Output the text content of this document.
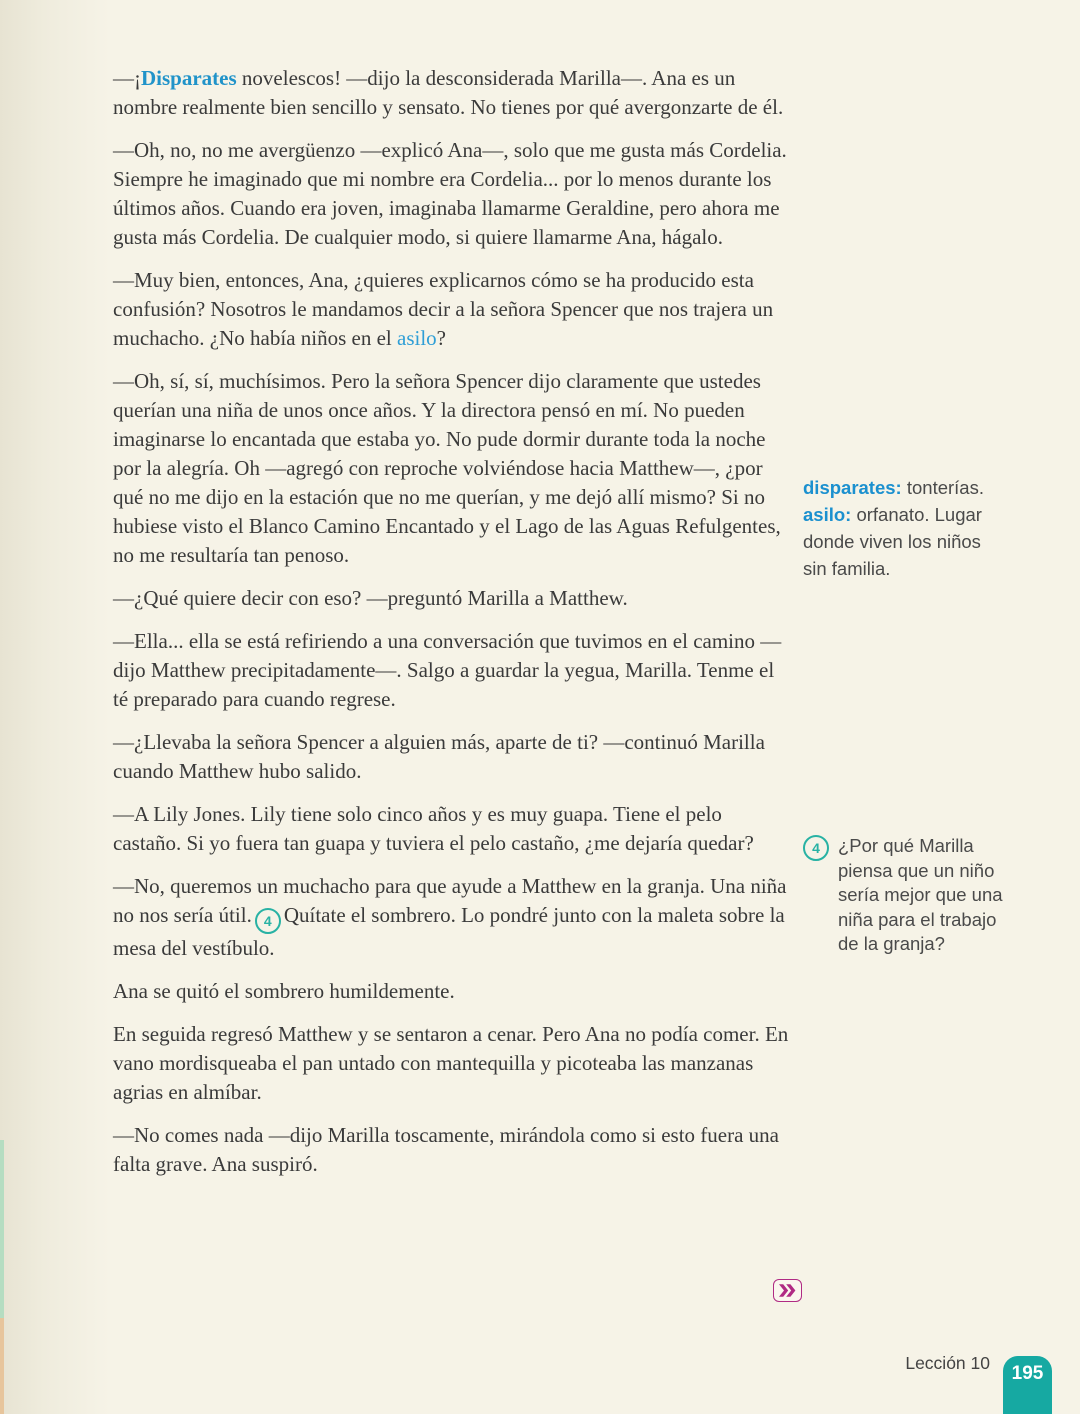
—¡Disparates novelescos! —dijo la desconsiderada Marilla—. Ana es un nombre realmente bien sencillo y sensato. No tienes por qué avergonzarte de él.

—Oh, no, no me avergüenzo —explicó Ana—, solo que me gusta más Cordelia. Siempre he imaginado que mi nombre era Cordelia... por lo menos durante los últimos años. Cuando era joven, imaginaba llamarme Geraldine, pero ahora me gusta más Cordelia. De cualquier modo, si quiere llamarme Ana, hágalo.

—Muy bien, entonces, Ana, ¿quieres explicarnos cómo se ha producido esta confusión? Nosotros le mandamos decir a la señora Spencer que nos trajera un muchacho. ¿No había niños en el asilo?

—Oh, sí, sí, muchísimos. Pero la señora Spencer dijo claramente que ustedes querían una niña de unos once años. Y la directora pensó en mí. No pueden imaginarse lo encantada que estaba yo. No pude dormir durante toda la noche por la alegría. Oh —agregó con reproche volviéndose hacia Matthew—, ¿por qué no me dijo en la estación que no me querían, y me dejó allí mismo? Si no hubiese visto el Blanco Camino Encantado y el Lago de las Aguas Refulgentes, no me resultaría tan penoso.

—¿Qué quiere decir con eso? —preguntó Marilla a Matthew.

—Ella... ella se está refiriendo a una conversación que tuvimos en el camino —dijo Matthew precipitadamente—. Salgo a guardar la yegua, Marilla. Tenme el té preparado para cuando regrese.

—¿Llevaba la señora Spencer a alguien más, aparte de ti? —continuó Marilla cuando Matthew hubo salido.

—A Lily Jones. Lily tiene solo cinco años y es muy guapa. Tiene el pelo castaño. Si yo fuera tan guapa y tuviera el pelo castaño, ¿me dejaría quedar?

—No, queremos un muchacho para que ayude a Matthew en la granja. Una niña no nos sería útil. 4 Quítate el sombrero. Lo pondré junto con la maleta sobre la mesa del vestíbulo.

Ana se quitó el sombrero humildemente.

En seguida regresó Matthew y se sentaron a cenar. Pero Ana no podía comer. En vano mordisqueaba el pan untado con mantequilla y picoteaba las manzanas agrias en almíbar.

—No comes nada —dijo Marilla toscamente, mirándola como si esto fuera una falta grave. Ana suspiró.

disparates: tonterías.

asilo: orfanato. Lugar donde viven los niños sin familia.

4 ¿Por qué Marilla piensa que un niño sería mejor que una niña para el trabajo de la granja?
Lección 10	195
